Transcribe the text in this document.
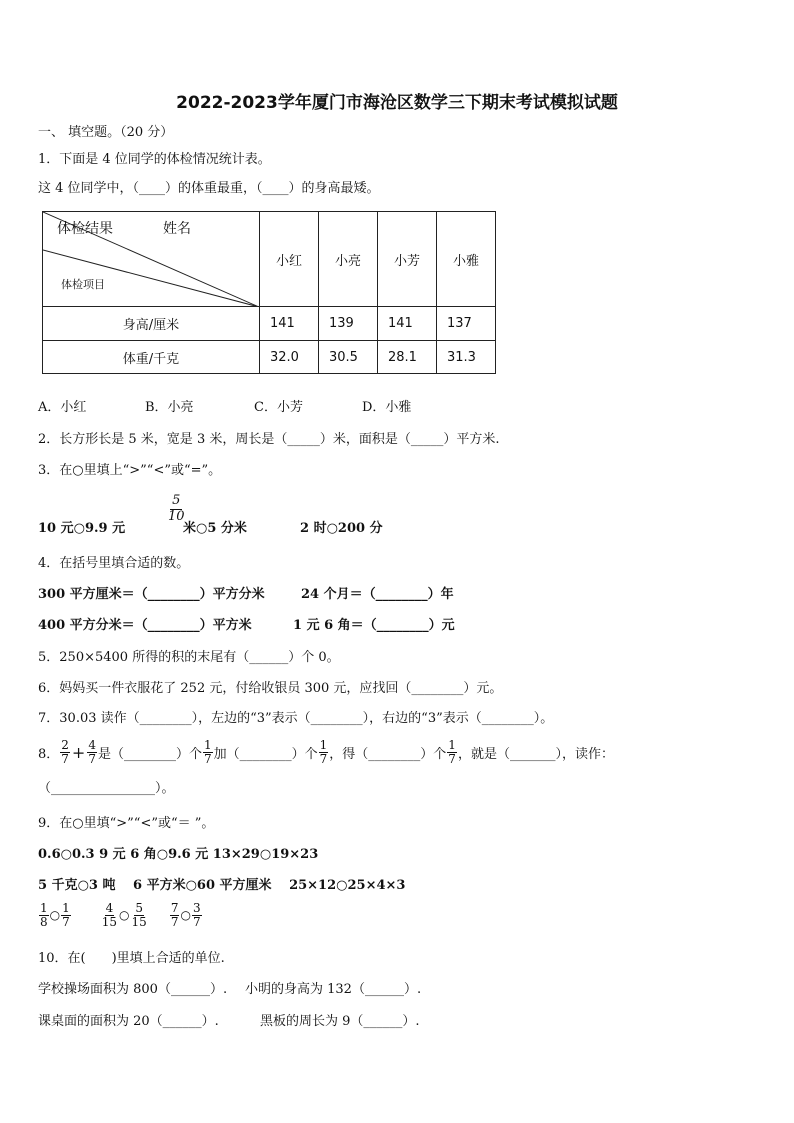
2022-2023学年厦门市海沧区数学三下期末考试模拟试题
一、 填空题。（20 分）
1．下面是 4 位同学的体检情况统计表。
这 4 位同学中，（____）的体重最重，（____）的身高最矮。
体检结果 姓名
体检项目	小红	小亮	小芳	小雅
身高/厘米	141	139	141	137
体重/千克	32.0	30.5	28.1	31.3
A．小红	B．小亮	C．小芳	D．小雅
2．长方形长是 5 米，宽是 3 米，周长是（_____）米，面积是（_____）平方米.
3．在○里填上“>”“<”或“=”。
10 元○9.9 元
$\frac{5}{10}$
米○5 分米	2 时○200 分
4．在括号里填合适的数。
300 平方厘米＝（________）平方分米	24 个月＝（________）年
400 平方分米＝（________）平方米	1 元 6 角＝（________）元
5．250×5400 所得的积的末尾有（______）个 0。
6．妈妈买一件衣服花了 252 元，付给收银员 300 元，应找回（________）元。
7．30.03 读作（________），左边的“3”表示（________），右边的“3”表示（________）。
8． $\frac{2}{7} + \frac{4}{7}$ 是（________）个 $\frac{1}{7}$ 加（________）个 $\frac{1}{7}$ ，得（________）个 $\frac{1}{7}$ ，就是（_______），读作：
（________________）。
9．在○里填“>”“<”或“＝ ”。
0.6○0.3 9 元 6 角○9.6 元 13×29○19×23
5 千克○3 吨　 6 平方米○60 平方厘米　 25×12○25×4×3
$\frac{1}{8}$ ○ $\frac{1}{7}$	$\frac{4}{15}$ ○ $\frac{5}{15} \frac{7}{7}$ ○ $\frac{3}{7}$
10．在(　　)里填上合适的单位.
学校操场面积为 800（______）. 小明的身高为 132（______）.
课桌面的面积为 20（______）.	黑板的周长为 9（______）.
